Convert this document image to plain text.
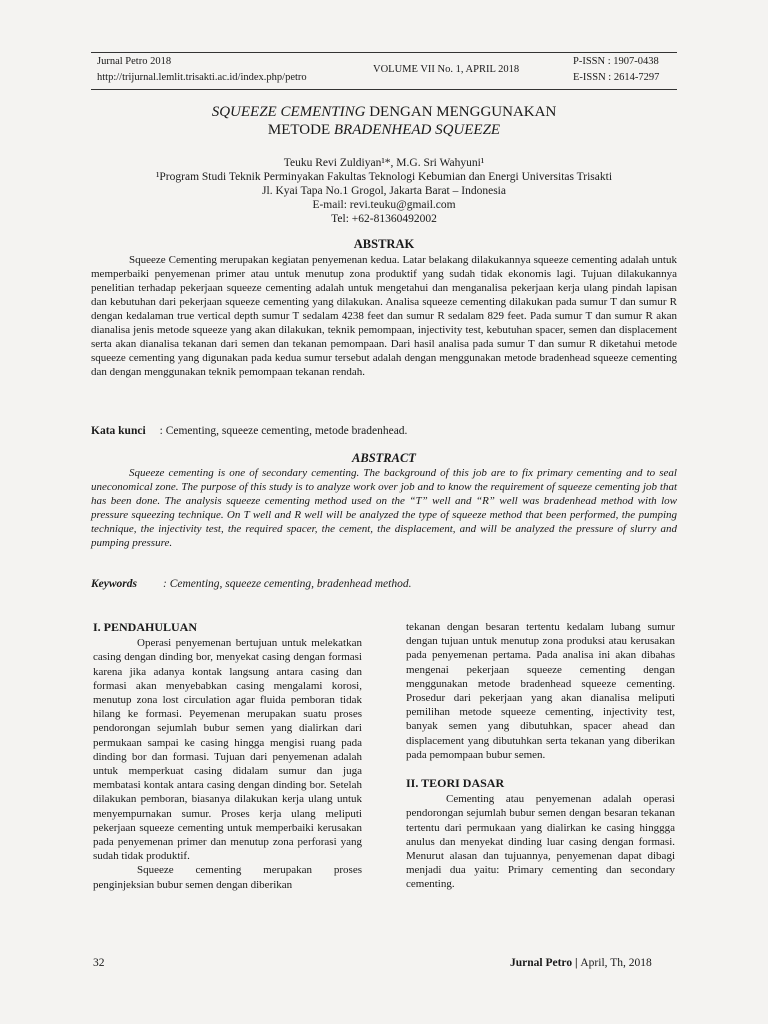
Jurnal Petro 2018
http://trijurnal.lemlit.trisakti.ac.id/index.php/petro
VOLUME VII No. 1, APRIL 2018
P-ISSN : 1907-0438
E-ISSN : 2614-7297
SQUEEZE CEMENTING DENGAN MENGGUNAKAN
METODE BRADENHEAD SQUEEZE
Teuku Revi Zuldiyan¹*, M.G. Sri Wahyuni¹
¹Program Studi Teknik Perminyakan Fakultas Teknologi Kebumian dan Energi Universitas Trisakti
Jl. Kyai Tapa No.1 Grogol, Jakarta Barat – Indonesia
E-mail: revi.teuku@gmail.com
Tel: +62-81360492002
ABSTRAK
Squeeze Cementing merupakan kegiatan penyemenan kedua. Latar belakang dilakukannya squeeze cementing adalah untuk memperbaiki penyemenan primer atau untuk menutup zona produktif yang sudah tidak ekonomis lagi. Tujuan dilakukannya penelitian terhadap pekerjaan squeeze cementing adalah untuk mengetahui dan menganalisa pekerjaan kerja ulang pindah lapisan dan kebutuhan dari pekerjaan squeeze cementing yang dilakukan. Analisa squeeze cementing dilakukan pada sumur T dan sumur R dengan kedalaman true vertical depth sumur T sedalam 4238 feet dan sumur R sedalam 829 feet. Pada sumur T dan sumur R akan dianalisa jenis metode squeeze yang akan dilakukan, teknik pemompaan, injectivity test, kebutuhan spacer, semen dan displacement serta akan dianalisa tekanan dari semen dan tekanan pemompaan. Dari hasil analisa pada sumur T dan sumur R diketahui metode squeeze cementing yang digunakan pada kedua sumur tersebut adalah dengan menggunakan metode bradenhead squeeze cementing dan dengan menggunakan teknik pemompaan tekanan rendah.
Kata kunci : Cementing, squeeze cementing, metode bradenhead.
ABSTRACT
Squeeze cementing is one of secondary cementing. The background of this job are to fix primary cementing and to seal uneconomical zone. The purpose of this study is to analyze work over job and to know the requirement of squeeze cementing job that has been done. The analysis squeeze cementing method used on the “T” well and “R” well was bradenhead method with low pressure squeezing technique. On T well and R well will be analyzed the type of squeeze method that been performed, the pumping technique, the injectivity test, the required spacer, the cement, the displacement, and will be analyzed the pressure of slurry and pumping pressure.
Keywords : Cementing, squeeze cementing, bradenhead method.
I. PENDAHULUAN
Operasi penyemenan bertujuan untuk melekatkan casing dengan dinding bor, menyekat casing dengan formasi karena jika adanya kontak langsung antara casing dan formasi akan menyebabkan casing mengalami korosi, menutup zona lost circulation agar fluida pemboran tidak hilang ke formasi. Peyemenan merupakan suatu proses pendorongan sejumlah bubur semen yang dialirkan dari permukaan sampai ke casing hingga mengisi ruang pada dinding bor dan formasi. Tujuan dari penyemenan adalah untuk memperkuat casing didalam sumur dan juga membatasi kontak antara casing dengan dinding bor. Setelah dilakukan pemboran, biasanya dilakukan kerja ulang untuk menyempurnakan sumur. Proses kerja ulang meliputi pekerjaan squeeze cementing untuk memperbaiki kerusakan pada penyemenan primer dan menutup zona perforasi yang sudah tidak produktif.
Squeeze cementing merupakan proses penginjeksian bubur semen dengan diberikan
tekanan dengan besaran tertentu kedalam lubang sumur dengan tujuan untuk menutup zona produksi atau kerusakan pada penyemenan pertama. Pada analisa ini akan dibahas mengenai pekerjaan squeeze cementing dengan menggunakan metode bradenhead squeeze cementing. Prosedur dari pekerjaan yang akan dianalisa meliputi pemilihan metode squeeze cementing, injectivity test, banyak semen yang dibutuhkan, spacer ahead dan displacement yang dibutuhkan serta tekanan yang diberikan pada pemompaan bubur semen.
II. TEORI DASAR
Cementing atau penyemenan adalah operasi pendorongan sejumlah bubur semen dengan besaran tekanan tertentu dari permukaan yang dialirkan ke casing hinggga anulus dan menyekat dinding luar casing dengan formasi. Menurut alasan dan tujuannya, penyemenan dapat dibagi menjadi dua yaitu: Primary cementing dan secondary cementing.
32	Jurnal Petro | April, Th, 2018
